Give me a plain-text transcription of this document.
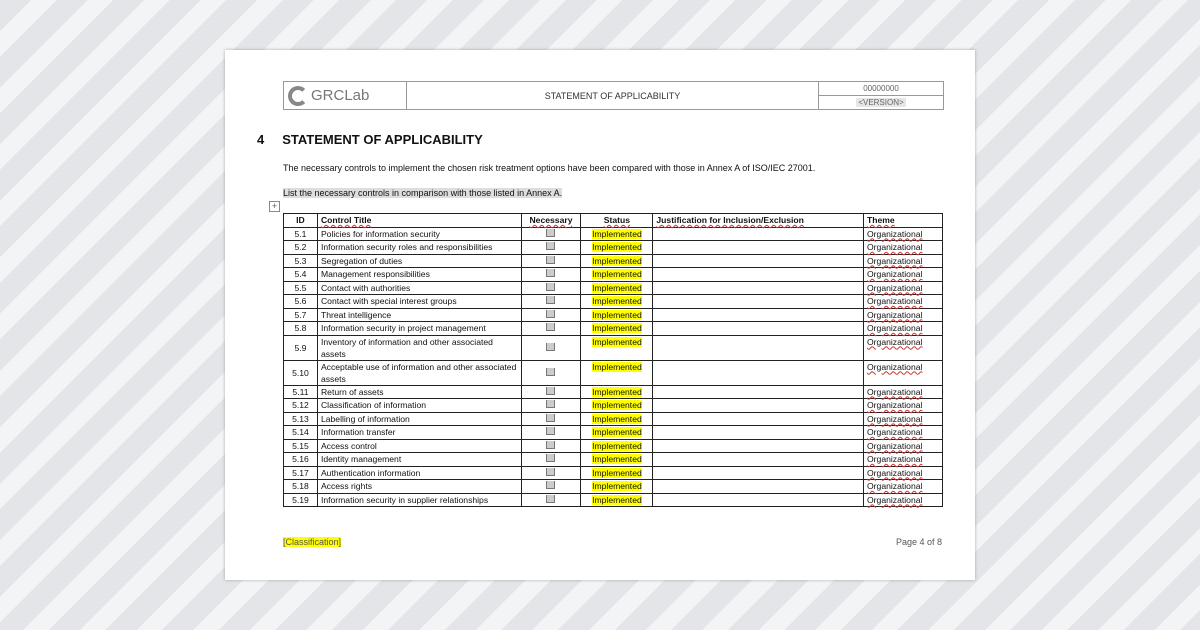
GRCLab	STATEMENT OF APPLICABILITY
00000000
<VERSION>
4 STATEMENT OF APPLICABILITY
The necessary controls to implement the chosen risk treatment options have been compared with those in Annex A of ISO/IEC 27001.
List the necessary controls in comparison with those listed in Annex A.
+
ID	Control Title	Necessary	Status	Justification for Inclusion/Exclusion	Theme
5.1	Policies for information security		Implemented		Organizational
5.2	Information security roles and responsibilities		Implemented		Organizational
5.3	Segregation of duties		Implemented		Organizational
5.4	Management responsibilities		Implemented		Organizational
5.5	Contact with authorities		Implemented		Organizational
5.6	Contact with special interest groups		Implemented		Organizational
5.7	Threat intelligence		Implemented		Organizational
5.8	Information security in project management		Implemented		Organizational
5.9	Inventory of information and other associated assets		Implemented		Organizational
5.10	Acceptable use of information and other associated assets		Implemented		Organizational
5.11	Return of assets		Implemented		Organizational
5.12	Classification of information		Implemented		Organizational
5.13	Labelling of information		Implemented		Organizational
5.14	Information transfer		Implemented		Organizational
5.15	Access control		Implemented		Organizational
5.16	Identity management		Implemented		Organizational
5.17	Authentication information		Implemented		Organizational
5.18	Access rights		Implemented		Organizational
5.19	Information security in supplier relationships		Implemented		Organizational
[Classification]	Page 4 of 8
